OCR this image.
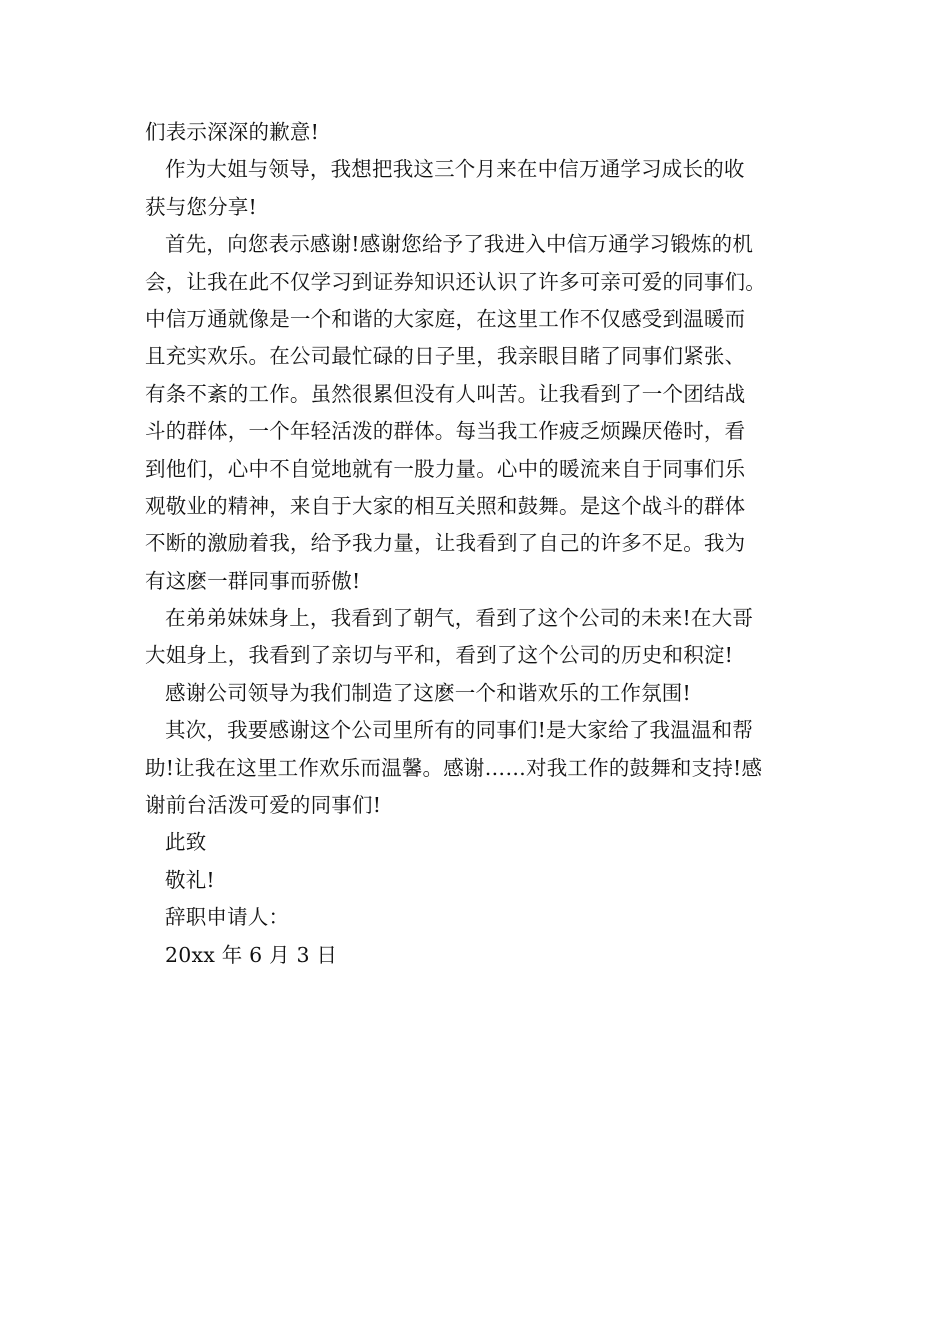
们表示深深的歉意!
作为大姐与领导，我想把我这三个月来在中信万通学习成长的收
获与您分享!
首先，向您表示感谢!感谢您给予了我进入中信万通学习锻炼的机
会，让我在此不仅学习到证券知识还认识了许多可亲可爱的同事们。
中信万通就像是一个和谐的大家庭，在这里工作不仅感受到温暖而
且充实欢乐。在公司最忙碌的日子里，我亲眼目睹了同事们紧张、
有条不紊的工作。虽然很累但没有人叫苦。让我看到了一个团结战
斗的群体，一个年轻活泼的群体。每当我工作疲乏烦躁厌倦时，看
到他们，心中不自觉地就有一股力量。心中的暖流来自于同事们乐
观敬业的精神，来自于大家的相互关照和鼓舞。是这个战斗的群体
不断的激励着我，给予我力量，让我看到了自己的许多不足。我为
有这麽一群同事而骄傲!
在弟弟妹妹身上，我看到了朝气，看到了这个公司的未来!在大哥
大姐身上，我看到了亲切与平和，看到了这个公司的历史和积淀!
感谢公司领导为我们制造了这麽一个和谐欢乐的工作氛围!
其次，我要感谢这个公司里所有的同事们!是大家给了我温温和帮
助!让我在这里工作欢乐而温馨。感谢……对我工作的鼓舞和支持!感
谢前台活泼可爱的同事们!
此致
敬礼!
辞职申请人：
20xx 年 6 月 3 日
